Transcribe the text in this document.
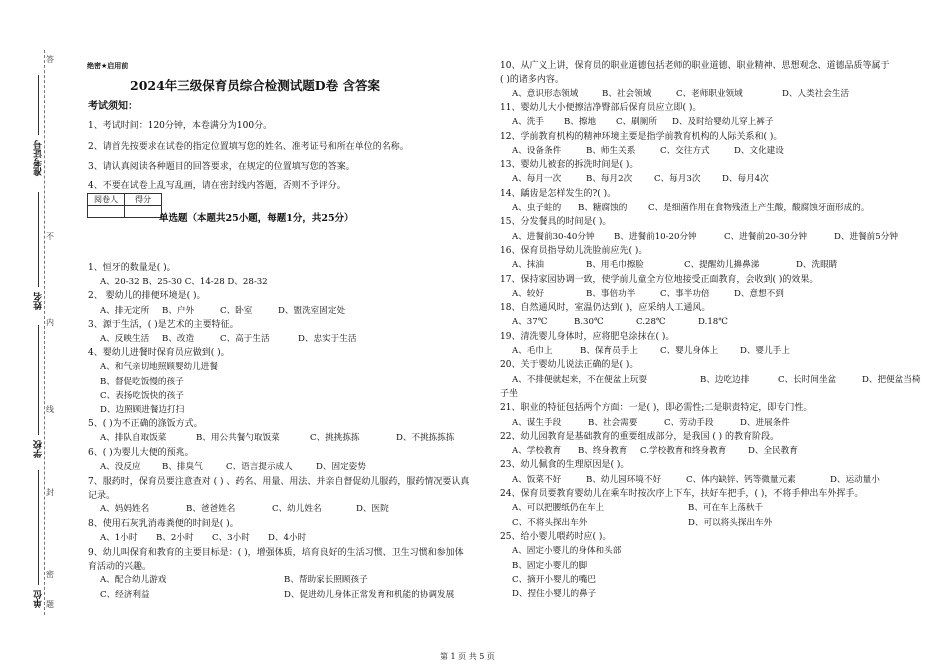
答
不
内
线
封
密
题
准考证号
姓名
学校
单位
绝密★启用前
2024年三级保育员综合检测试题D卷 含答案
考试须知：
1、考试时间：120分钟，本卷满分为100分。
2、请首先按要求在试卷的指定位置填写您的姓名、准考证号和所在单位的名称。
3、请认真阅读各种题目的回答要求，在规定的位置填写您的答案。
4、不要在试卷上乱写乱画，请在密封线内答题，否则不予评分。
阅卷人	得分

单选题（本题共25小题，每题1分，共25分）
1、恒牙的数量是( )。
A、20-32 B、25-30 C、14-28 D、28-32
2、 婴幼儿的排便环境是( )。
A、排无定所 B、户外	C、卧室	D、盥洗室固定处
3、源于生活，( )是艺术的主要特征。
A、反映生活 B、改造	C、高于生活	D、忠实于生活
4、婴幼儿进餐时保育员应做到( )。
A、和气亲切地照顾婴幼儿进餐
B、督促吃饭慢的孩子
C、表扬吃饭快的孩子
D、边照顾进餐边打扫
5、( )为不正确的涤饭方式。
A、排队自取饭菜	B、用公共餐勺取饭菜	C、挑挑拣拣	D、不挑拣拣拣
6、( )为婴儿大便的预兆。
A、没反应 B、排臭气	C、语言提示成人	D、固定姿势
7、服药时，保育员要注意查对 ( ) 、药名、用量、用法、并亲自督促幼儿服药，服药情况要认真记录。
A、妈妈姓名	B、爸爸姓名	C、幼儿姓名	D、医院
8、使用石灰乳消毒粪便的时间是( )。
A、1小时 B、2小时 C、3小时 D、4小时
9、幼儿叫保育和教育的主要目标是：( )，增强体质，培育良好的生活习惯、卫生习惯和参加体育活动的兴趣。
A、配合幼儿游戏	B、帮助家长照顾孩子
C、经济利益	D、促进幼儿身体正常发育和机能的协调发展
10、从广义上讲，保育员的职业道德包括老师的职业道德、职业精神、思想观念、道德品质等属于( )的诸多内容。
A、意识形态领域	B、社会领域	C、老师职业领域	D、人类社会生活
11、婴幼儿大小便擦洁净臀部后保育员应立即( )。
A、洗手 B、擦地 C、刷厕所 D、及时给婴幼儿穿上裤子
12、学前教育机构的精神环境主要是指学前教育机构的人际关系和( )。
A、设备条件	B、师生关系	C、交往方式	D、文化建设
13、婴幼儿被套的拆洗时间是( )。
A、每月一次	B、每月2次	C、每月3次	D、每月4次
14、龋齿是怎样发生的?( )。
A、虫子蛀的 B、糖腐蚀的 C、是细菌作用在食物残渣上产生酸，酸腐蚀牙面形成的。
15、分发餐具的时间是( )。
A、进餐前30-40分钟 B、进餐前10-20分钟	C、进餐前20-30分钟	D、进餐前5分钟
16、保育员指导幼儿洗脸前应先( )。
A、抹油	B、用毛巾擦脸	C、提醒幼儿擤鼻涕	D、洗眼睛
17、保持家园协调一致，使学前儿童全方位地接受正面教育，会收到( )的效果。
A、较好	B、事倍功半	C、事半功倍	D、意想不到
18、自然通风时，室温仍达到( )，应采纳人工通风。
A、37℃	B.30℃	C.28℃	D.18℃
19、清洗婴儿身体时，应将肥皂涂抹在( )。
A、毛巾上	B、保育员手上	C、婴儿身体上	D、婴儿手上
20、关于婴幼儿说法正确的是( )。
A、不排便就起来，不在便盆上玩耍	B、边吃边排	C、长时间坐盆	D、把便盆当椅
子坐
21、职业的特征包括两个方面：一是( )，即必需性;二是职责特定，即专门性。
A、谋生手段	B、社会需要	C、劳动手段	D、进展条件
22、幼儿园教育是基础教育的重要组成部分，是我国 ( ) 的教育阶段。
A、学校教育 B、终身教育 C.学校教育和终身教育	D、全民教育
23、幼儿佩食的生理原因是( )。
A、饭菜不好	B、幼儿园环境不好	C、体内缺锌、钙等微量元素	D、运动量小
24、保育员要教育婴幼儿在乘车时按次序上下车，扶好车把手，( )，不将手伸出车外挥手。
A、可以把腰纸仍在车上	B、可在车上荡秋千
C、不将头探出车外	D、可以将头探出车外
25、给小婴儿喂药时应( )。
A、固定小婴儿的身体和头部
B、固定小婴儿的脚
C、摘开小婴儿的嘴巴
D、捏住小婴儿的鼻子
第 1 页 共 5 页
